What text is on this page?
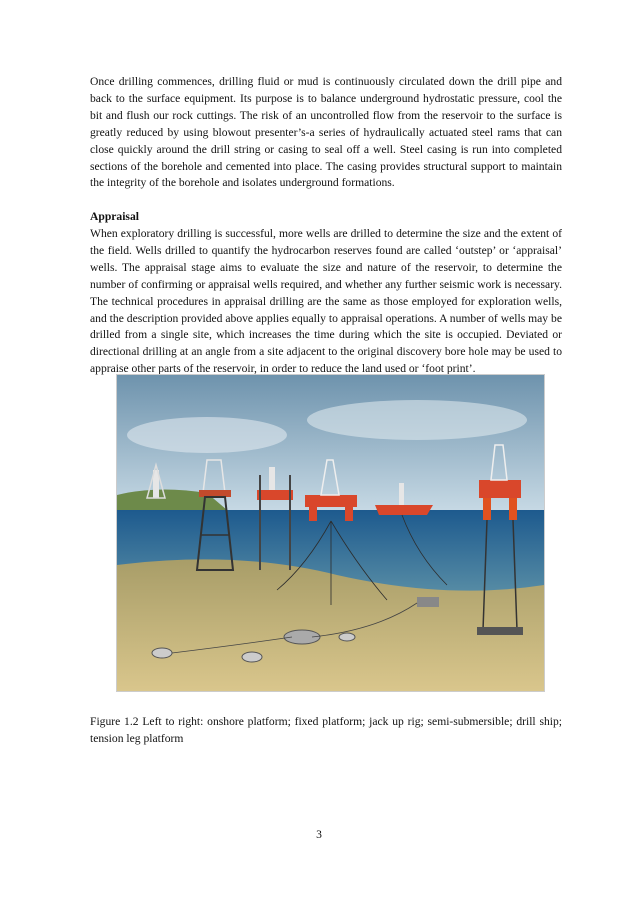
Once drilling commences, drilling fluid or mud is continuously circulated down the drill pipe and back to the surface equipment. Its purpose is to balance underground hydrostatic pressure, cool the bit and flush our rock cuttings. The risk of an uncontrolled flow from the reservoir to the surface is greatly reduced by using blowout presenter’s-a series of hydraulically actuated steel rams that can close quickly around the drill string or casing to seal off a well. Steel casing is run into completed sections of the borehole and cemented into place. The casing provides structural support to maintain the integrity of the borehole and isolates underground formations.

Appraisal

When exploratory drilling is successful, more wells are drilled to determine the size and the extent of the field. Wells drilled to quantify the hydrocarbon reserves found are called ‘outstep’ or ‘appraisal’ wells. The appraisal stage aims to evaluate the size and nature of the reservoir, to determine the number of confirming or appraisal wells required, and whether any further seismic work is necessary. The technical procedures in appraisal drilling are the same as those employed for exploration wells, and the description provided above applies equally to appraisal operations. A number of wells may be drilled from a single site, which increases the time during which the site is occupied. Deviated or directional drilling at an angle from a site adjacent to the original discovery bore hole may be used to appraise other parts of the reservoir, in order to reduce the land used or ‘foot print’.

Figure 1.2 Left to right: onshore platform; fixed platform; jack up rig; semi-submersible; drill ship; tension leg platform

3
